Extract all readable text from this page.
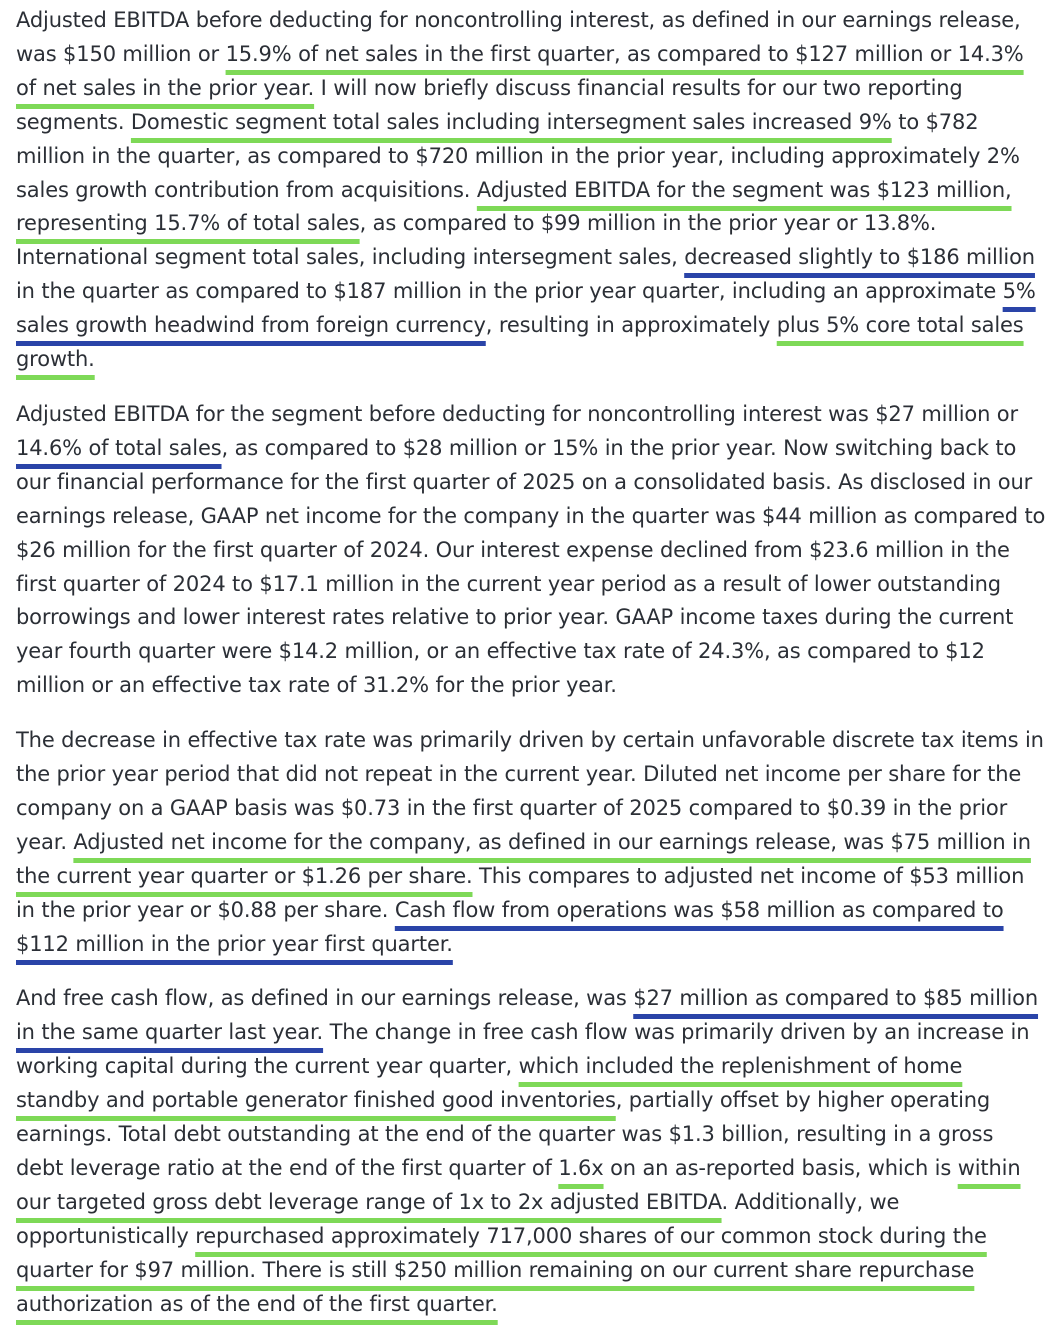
Adjusted EBITDA before deducting for noncontrolling interest, as defined in our earnings release, was $150 million or 15.9% of net sales in the first quarter, as compared to $127 million or 14.3% of net sales in the prior year. I will now briefly discuss financial results for our two reporting segments. Domestic segment total sales including intersegment sales increased 9% to $782 million in the quarter, as compared to $720 million in the prior year, including approximately 2% sales growth contribution from acquisitions. Adjusted EBITDA for the segment was $123 million, representing 15.7% of total sales, as compared to $99 million in the prior year or 13.8%. International segment total sales, including intersegment sales, decreased slightly to $186 million in the quarter as compared to $187 million in the prior year quarter, including an approximate 5% sales growth headwind from foreign currency, resulting in approximately plus 5% core total sales growth.

Adjusted EBITDA for the segment before deducting for noncontrolling interest was $27 million or 14.6% of total sales, as compared to $28 million or 15% in the prior year. Now switching back to our financial performance for the first quarter of 2025 on a consolidated basis. As disclosed in our earnings release, GAAP net income for the company in the quarter was $44 million as compared to $26 million for the first quarter of 2024. Our interest expense declined from $23.6 million in the first quarter of 2024 to $17.1 million in the current year period as a result of lower outstanding borrowings and lower interest rates relative to prior year. GAAP income taxes during the current year fourth quarter were $14.2 million, or an effective tax rate of 24.3%, as compared to $12 million or an effective tax rate of 31.2% for the prior year.

The decrease in effective tax rate was primarily driven by certain unfavorable discrete tax items in the prior year period that did not repeat in the current year. Diluted net income per share for the company on a GAAP basis was $0.73 in the first quarter of 2025 compared to $0.39 in the prior year. Adjusted net income for the company, as defined in our earnings release, was $75 million in the current year quarter or $1.26 per share. This compares to adjusted net income of $53 million in the prior year or $0.88 per share. Cash flow from operations was $58 million as compared to $112 million in the prior year first quarter.

And free cash flow, as defined in our earnings release, was $27 million as compared to $85 million in the same quarter last year. The change in free cash flow was primarily driven by an increase in working capital during the current year quarter, which included the replenishment of home standby and portable generator finished good inventories, partially offset by higher operating earnings. Total debt outstanding at the end of the quarter was $1.3 billion, resulting in a gross debt leverage ratio at the end of the first quarter of 1.6x on an as-reported basis, which is within our targeted gross debt leverage range of 1x to 2x adjusted EBITDA. Additionally, we opportunistically repurchased approximately 717,000 shares of our common stock during the quarter for $97 million. There is still $250 million remaining on our current share repurchase authorization as of the end of the first quarter.
